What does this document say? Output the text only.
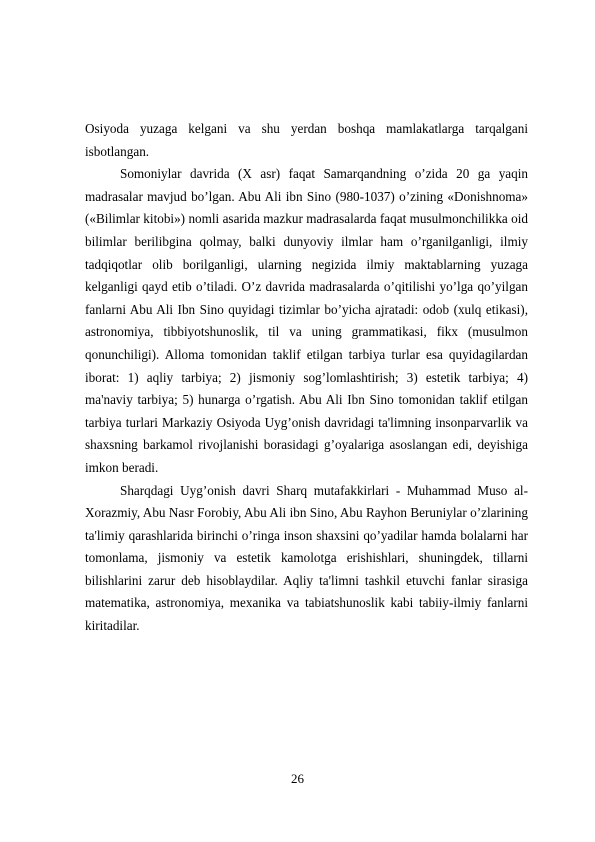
Osiyoda yuzaga kelgani va shu yerdan boshqa mamlakatlarga tarqalgani isbotlangan.

Somoniylar davrida (X asr) faqat Samarqandning o’zida 20 ga yaqin madrasalar mavjud bo’lgan. Abu Ali ibn Sino (980-1037) o’zining «Donishnoma» («Bilimlar kitobi») nomli asarida mazkur madrasalarda faqat musulmonchilikka oid bilimlar berilibgina qolmay, balki dunyoviy ilmlar ham o’rganilganligi, ilmiy tadqiqotlar olib borilganligi, ularning negizida ilmiy maktablarning yuzaga kelganligi qayd etib o’tiladi. O’z davrida madrasalarda o’qitilishi yo’lga qo’yilgan fanlarni Abu Ali Ibn Sino quyidagi tizimlar bo’yicha ajratadi: odob (xulq etikasi), astronomiya, tibbiyotshunoslik, til va uning grammatikasi, fikx (musulmon qonunchiligi). Alloma tomonidan taklif etilgan tarbiya turlar esa quyidagilardan iborat: 1) aqliy tarbiya; 2) jismoniy sog’lomlashtirish; 3) estetik tarbiya; 4) ma'naviy tarbiya; 5) hunarga o’rgatish. Abu Ali Ibn Sino tomonidan taklif etilgan tarbiya turlari Markaziy Osiyoda Uyg’onish davridagi ta'limning insonparvarlik va shaxsning barkamol rivojlanishi borasidagi g’oyalariga asoslangan edi, deyishiga imkon beradi.

Sharqdagi Uyg’onish davri Sharq mutafakkirlari - Muhammad Muso al-Xorazmiy, Abu Nasr Forobiy, Abu Ali ibn Sino, Abu Rayhon Beruniylar o’zlarining ta'limiy qarashlarida birinchi o’ringa inson shaxsini qo’yadilar hamda bolalarni har tomonlama, jismoniy va estetik kamolotga erishishlari, shuningdek, tillarni bilishlarini zarur deb hisoblaydilar. Aqliy ta'limni tashkil etuvchi fanlar sirasiga matematika, astronomiya, mexanika va tabiatshunoslik kabi tabiiy-ilmiy fanlarni kiritadilar.

26
